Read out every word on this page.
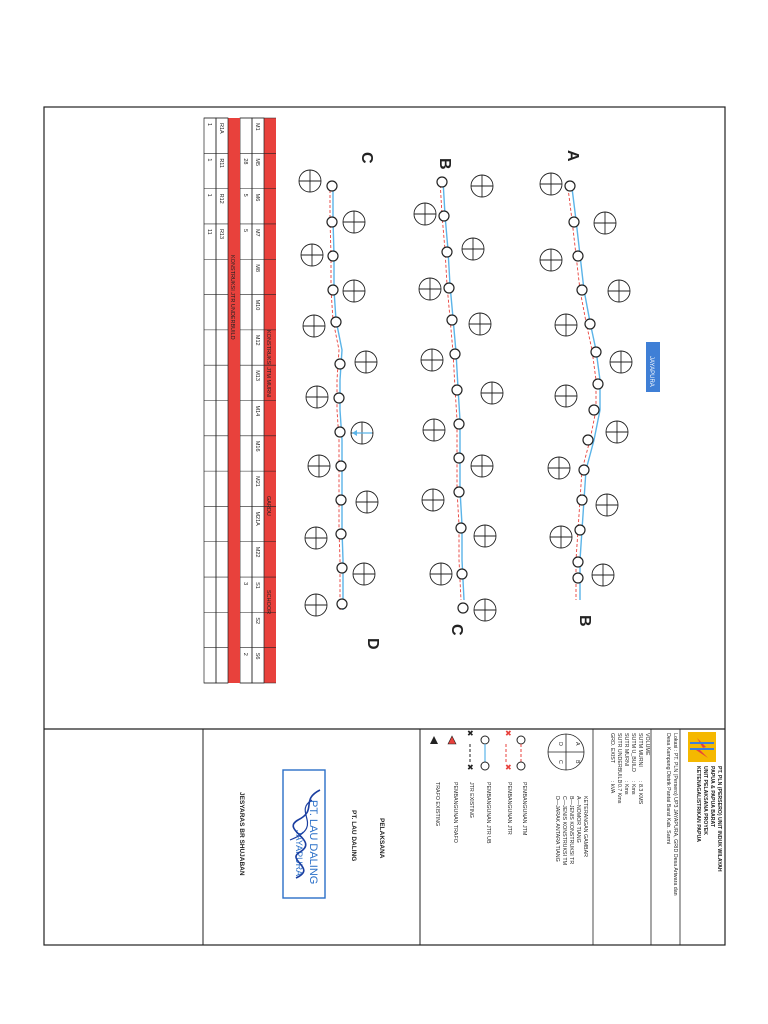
A
B
C
B
C
D
JAYAPURA
KONSTRUKSI JTM MURNI
GARDU
SCHOOR
KONSTRUKSI JTR UNDERBUILD
M1
M5
28
M6
5
M7
5
M8
M10
M12
M13
M14
M16
M21
M21A
M22
S1
3
S2
S6
2
R1A
1
R11
1
R12
1
R13
11
PT. PLN (PERSERO) UNIT INDUK WILAYAH
PAPUA & PAPUA BARAT
UNIT PELAKSANA PROYEK
KETENAGALISTRIKAN PAPUA
Lokasi : PT. PLN (Persero) UP3 JAYAPURA, GRID Desa Ariwara dan
Desa Kampung Distrik Pantai Barat Kab. Sarmi
VOLUME
SUTM MURNI
: 8.3 KMS
SUTM U_BUILD
: Kms
SUTR MURNI
: Kms
SUTR UNDERBUILD
: 0.7 Kms
GRD. EXIST
: kVA
KETERANGAN GAMBAR
A
B
C
D
A—NOMOR TIANG
B—JENIS KONSTRUKSI TR
C—JENIS KONSTRUKSI TM
D—JARAK ANTARA TIANG
✖
✖
✖
✖
PEMBANGUNAN JTM
PEMBANGUNAN JTR
PEMBANGUNAN JTR UB
JTR EXISTING
PEMBANGUNAN TRAFO
TRAFO EXISTING
PELAKSANA
PT. LAU DALING
JESYARAS BR SHUJABAN	PT. LAU DALING
JAYAPURA
